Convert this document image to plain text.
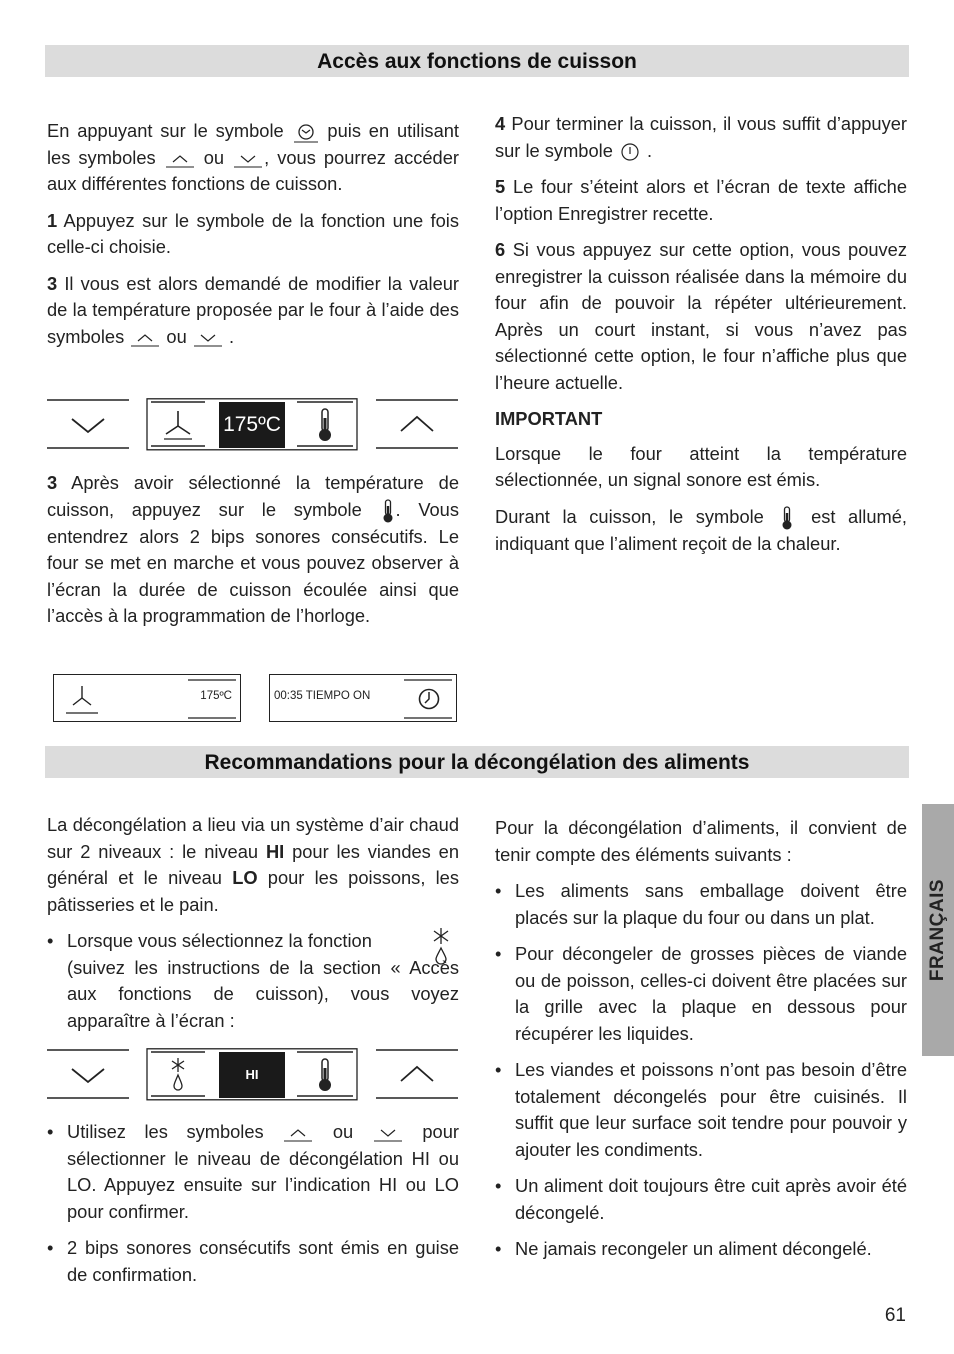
Accès aux fonctions de cuisson

En appuyant sur le symbole puis en utilisant les symboles	ou , vous pourrez accéder aux différentes fonctions de cuisson.

1 Appuyez sur le symbole de la fonction une fois celle-ci choisie.

3 Il vous est alors demandé de modifier la valeur de la température proposée par le four à l’aide des symboles ou .

175ºC

3 Après avoir sélectionné la température de cuisson, appuyez sur le symbole . Vous entendrez alors 2 bips sonores consécutifs. Le four se met en marche et vous pouvez observer à l’écran la durée de cuisson écoulée ainsi que l’accès à la programmation de l’horloge.

175ºC	00:35 TIEMPO ON

4 Pour terminer la cuisson, il vous suffit d’appuyer sur le symbole .

5 Le four s’éteint alors et l’écran de texte affiche l’option Enregistrer recette.

6 Si vous appuyez sur cette option, vous pouvez enregistrer la cuisson réalisée dans la mémoire du four afin de pouvoir la répéter ultérieurement. Après un court instant, si vous n’avez pas sélectionné cette option, le four n’affiche plus que l’heure actuelle.

IMPORTANT

Lorsque le four atteint la température sélectionnée, un signal sonore est émis.

Durant la cuisson, le symbole	est allumé, indiquant que l’aliment reçoit de la chaleur.

Recommandations pour la décongélation des aliments

La décongélation a lieu via un système d’air chaud sur 2 niveaux : le niveau HI pour les viandes en général et le niveau LO pour les poissons, les pâtisseries et le pain.

• Lorsque vous sélectionnez la fonction

(suivez les instructions de la section « Accès aux fonctions de cuisson), vous voyez apparaître à l’écran :
HI
• Utilisez les symboles	ou	pour sélectionner le niveau de décongélation HI ou LO. Appuyez ensuite sur l’indication HI ou LO pour confirmer.
• 2 bips sonores consécutifs sont émis en guise de confirmation.

Pour la décongélation d’aliments, il convient de tenir compte des éléments suivants :

• Les aliments sans emballage doivent être placés sur la plaque du four ou dans un plat.
• Pour décongeler de grosses pièces de viande ou de poisson, celles-ci doivent être placées sur la grille avec la plaque en dessous pour récupérer les liquides.
• Les viandes et poissons n’ont pas besoin d’être totalement décongelés pour être cuisinés. Il suffit que leur surface soit tendre pour pouvoir y ajouter les condiments.
• Un aliment doit toujours être cuit après avoir été décongelé.
• Ne jamais recongeler un aliment décongelé.
FRANÇAIS
61
